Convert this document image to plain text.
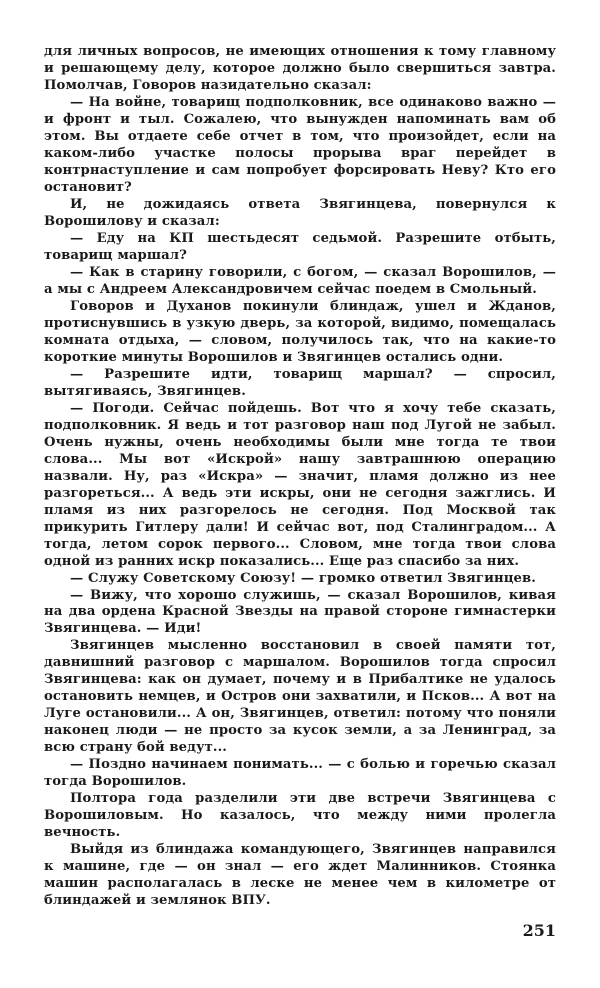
для личных вопросов, не имеющих отношения к тому главному и решающему делу, которое должно было свершиться завтра. Помолчав, Говоров назидательно сказал:

— На войне, товарищ подполковник, все одинаково важно — и фронт и тыл. Сожалею, что вынужден напоминать вам об этом. Вы отдаете себе отчет в том, что произойдет, если на каком-либо участке полосы прорыва враг перейдет в контрнаступление и сам попробует форсировать Неву? Кто его остановит?

И, не дожидаясь ответа Звягинцева, повернулся к Ворошилову и сказал:

— Еду на КП шестьдесят седьмой. Разрешите отбыть, товарищ маршал?

— Как в старину говорили, с богом, — сказал Ворошилов, — а мы с Андреем Александровичем сейчас поедем в Смольный.

Говоров и Духанов покинули блиндаж, ушел и Жданов, протиснувшись в узкую дверь, за которой, видимо, помещалась комната отдыха, — словом, получилось так, что на какие-то короткие минуты Ворошилов и Звягинцев остались одни.

— Разрешите идти, товарищ маршал? — спросил, вытягиваясь, Звягинцев.

— Погоди. Сейчас пойдешь. Вот что я хочу тебе сказать, подполковник. Я ведь и тот разговор наш под Лугой не забыл. Очень нужны, очень необходимы были мне тогда те твои слова... Мы вот «Искрой» нашу завтрашнюю операцию назвали. Ну, раз «Искра» — значит, пламя должно из нее разгореться... А ведь эти искры, они не сегодня зажглись. И пламя из них разгорелось не сегодня. Под Москвой так прикурить Гитлеру дали! И сейчас вот, под Сталинградом... А тогда, летом сорок первого... Словом, мне тогда твои слова одной из ранних искр показались... Еще раз спасибо за них.

— Служу Советскому Союзу! — громко ответил Звягинцев.

— Вижу, что хорошо служишь, — сказал Ворошилов, кивая на два ордена Красной Звезды на правой стороне гимнастерки Звягинцева. — Иди!

Звягинцев мысленно восстановил в своей памяти тот, давнишний разговор с маршалом. Ворошилов тогда спросил Звягинцева: как он думает, почему и в Прибалтике не удалось остановить немцев, и Остров они захватили, и Псков... А вот на Луге остановили... А он, Звягинцев, ответил: потому что поняли наконец люди — не просто за кусок земли, а за Ленинград, за всю страну бой ведут...

— Поздно начинаем понимать... — с болью и горечью сказал тогда Ворошилов.

Полтора года разделили эти две встречи Звягинцева с Ворошиловым. Но казалось, что между ними пролегла вечность.

Выйдя из блиндажа командующего, Звягинцев направился к машине, где — он знал — его ждет Малинников. Стоянка машин располагалась в леске не менее чем в километре от блиндажей и землянок ВПУ.

251
